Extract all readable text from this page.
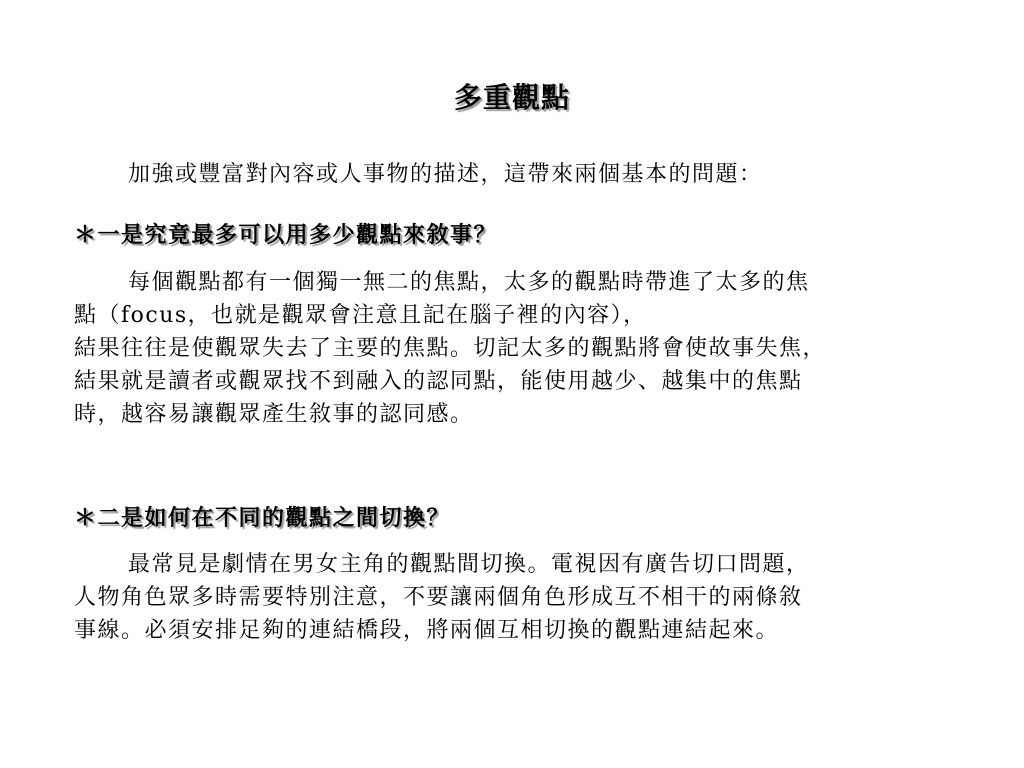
多重觀點
加強或豐富對內容或人事物的描述，這帶來兩個基本的問題：
＊一是究竟最多可以用多少觀點來敘事？
每個觀點都有一個獨一無二的焦點，太多的觀點時帶進了太多的焦
點（focus，也就是觀眾會注意且記在腦子裡的內容），
結果往往是使觀眾失去了主要的焦點。切記太多的觀點將會使故事失焦，
結果就是讀者或觀眾找不到融入的認同點，能使用越少、越集中的焦點
時，越容易讓觀眾產生敘事的認同感。
＊二是如何在不同的觀點之間切換？
最常見是劇情在男女主角的觀點間切換。電視因有廣告切口問題，
人物角色眾多時需要特別注意，不要讓兩個角色形成互不相干的兩條敘
事線。必須安排足夠的連結橋段，將兩個互相切換的觀點連結起來。
